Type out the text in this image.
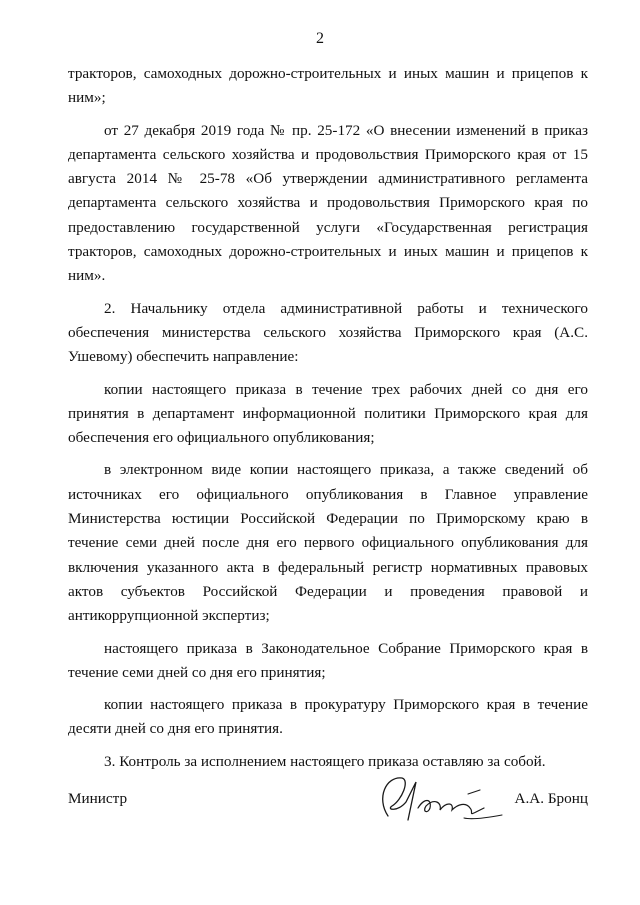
2

тракторов, самоходных дорожно-строительных и иных машин и прицепов к ним»;

от 27 декабря 2019 года № пр. 25-172 «О внесении изменений в приказ департамента сельского хозяйства и продовольствия Приморского края от 15 августа 2014 № 25-78 «Об утверждении административного регламента департамента сельского хозяйства и продовольствия Приморского края по предоставлению государственной услуги «Государственная регистрация тракторов, самоходных дорожно-строительных и иных машин и прицепов к ним».

2. Начальнику отдела административной работы и технического обеспечения министерства сельского хозяйства Приморского края (А.С. Ушевому) обеспечить направление:

копии настоящего приказа в течение трех рабочих дней со дня его принятия в департамент информационной политики Приморского края для обеспечения его официального опубликования;

в электронном виде копии настоящего приказа, а также сведений об источниках его официального опубликования в Главное управление Министерства юстиции Российской Федерации по Приморскому краю в течение семи дней после дня его первого официального опубликования для включения указанного акта в федеральный регистр нормативных правовых актов субъектов Российской Федерации и проведения правовой и антикоррупционной экспертиз;

настоящего приказа в Законодательное Собрание Приморского края в течение семи дней со дня его принятия;

копии настоящего приказа в прокуратуру Приморского края в течение десяти дней со дня его принятия.

3. Контроль за исполнением настоящего приказа оставляю за собой.

Министр	А.А. Бронц
